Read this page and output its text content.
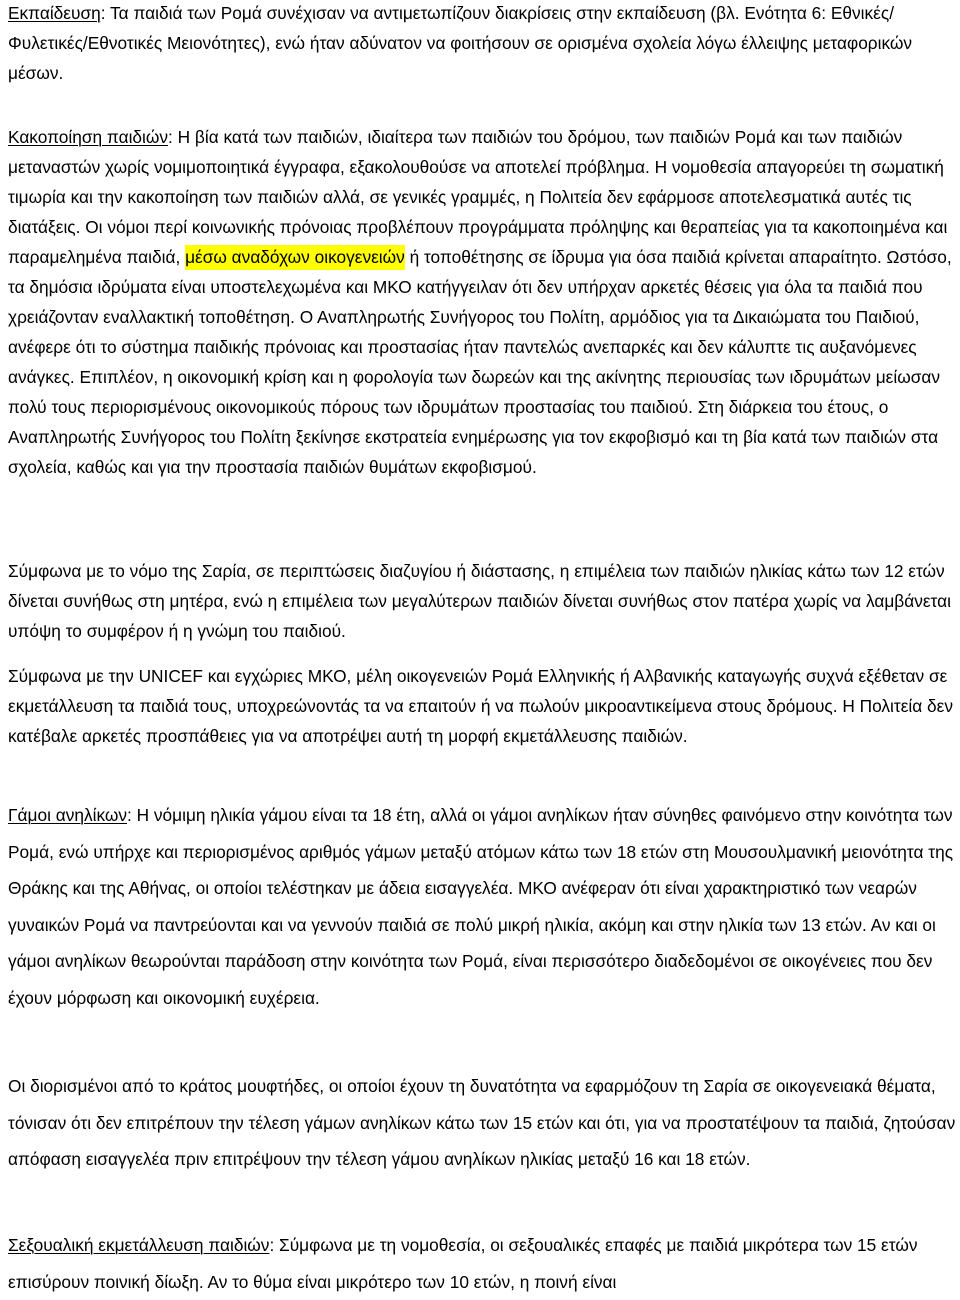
Εκπαίδευση: Τα παιδιά των Ρομά συνέχισαν να αντιμετωπίζουν διακρίσεις στην εκπαίδευση (βλ. Ενότητα 6: Εθνικές/Φυλετικές/Εθνοτικές Μειονότητες), ενώ ήταν αδύνατον να φοιτήσουν σε ορισμένα σχολεία λόγω έλλειψης μεταφορικών μέσων.

Κακοποίηση παιδιών: Η βία κατά των παιδιών, ιδιαίτερα των παιδιών του δρόμου, των παιδιών Ρομά και των παιδιών μεταναστών χωρίς νομιμοποιητικά έγγραφα, εξακολουθούσε να αποτελεί πρόβλημα. Η νομοθεσία απαγορεύει τη σωματική τιμωρία και την κακοποίηση των παιδιών αλλά, σε γενικές γραμμές, η Πολιτεία δεν εφάρμοσε αποτελεσματικά αυτές τις διατάξεις. Οι νόμοι περί κοινωνικής πρόνοιας προβλέπουν προγράμματα πρόληψης και θεραπείας για τα κακοποιημένα και παραμελημένα παιδιά, μέσω αναδόχων οικογενειών ή τοποθέτησης σε ίδρυμα για όσα παιδιά κρίνεται απαραίτητο. Ωστόσο, τα δημόσια ιδρύματα είναι υποστελεχωμένα και ΜΚΟ κατήγγειλαν ότι δεν υπήρχαν αρκετές θέσεις για όλα τα παιδιά που χρειάζονταν εναλλακτική τοποθέτηση. Ο Αναπληρωτής Συνήγορος του Πολίτη, αρμόδιος για τα Δικαιώματα του Παιδιού, ανέφερε ότι το σύστημα παιδικής πρόνοιας και προστασίας ήταν παντελώς ανεπαρκές και δεν κάλυπτε τις αυξανόμενες ανάγκες. Επιπλέον, η οικονομική κρίση και η φορολογία των δωρεών και της ακίνητης περιουσίας των ιδρυμάτων μείωσαν πολύ τους περιορισμένους οικονομικούς πόρους των ιδρυμάτων προστασίας του παιδιού. Στη διάρκεια του έτους, ο Αναπληρωτής Συνήγορος του Πολίτη ξεκίνησε εκστρατεία ενημέρωσης για τον εκφοβισμό και τη βία κατά των παιδιών στα σχολεία, καθώς και για την προστασία παιδιών θυμάτων εκφοβισμού.

Σύμφωνα με το νόμο της Σαρία, σε περιπτώσεις διαζυγίου ή διάστασης, η επιμέλεια των παιδιών ηλικίας κάτω των 12 ετών δίνεται συνήθως στη μητέρα, ενώ η επιμέλεια των μεγαλύτερων παιδιών δίνεται συνήθως στον πατέρα χωρίς να λαμβάνεται υπόψη το συμφέρον ή η γνώμη του παιδιού.

Σύμφωνα με την UNICEF και εγχώριες ΜΚΟ, μέλη οικογενειών Ρομά Ελληνικής ή Αλβανικής καταγωγής συχνά εξέθεταν σε εκμετάλλευση τα παιδιά τους, υποχρεώνοντάς τα να επαιτούν ή να πωλούν μικροαντικείμενα στους δρόμους. Η Πολιτεία δεν κατέβαλε αρκετές προσπάθειες για να αποτρέψει αυτή τη μορφή εκμετάλλευσης παιδιών.

Γάμοι ανηλίκων: Η νόμιμη ηλικία γάμου είναι τα 18 έτη, αλλά οι γάμοι ανηλίκων ήταν σύνηθες φαινόμενο στην κοινότητα των Ρομά, ενώ υπήρχε και περιορισμένος αριθμός γάμων μεταξύ ατόμων κάτω των 18 ετών στη Μουσουλμανική μειονότητα της Θράκης και της Αθήνας, οι οποίοι τελέστηκαν με άδεια εισαγγελέα. ΜΚΟ ανέφεραν ότι είναι χαρακτηριστικό των νεαρών γυναικών Ρομά να παντρεύονται και να γεννούν παιδιά σε πολύ μικρή ηλικία, ακόμη και στην ηλικία των 13 ετών. Αν και οι γάμοι ανηλίκων θεωρούνται παράδοση στην κοινότητα των Ρομά, είναι περισσότερο διαδεδομένοι σε οικογένειες που δεν έχουν μόρφωση και οικονομική ευχέρεια.

Οι διορισμένοι από το κράτος μουφτήδες, οι οποίοι έχουν τη δυνατότητα να εφαρμόζουν τη Σαρία σε οικογενειακά θέματα, τόνισαν ότι δεν επιτρέπουν την τέλεση γάμων ανηλίκων κάτω των 15 ετών και ότι, για να προστατέψουν τα παιδιά, ζητούσαν απόφαση εισαγγελέα πριν επιτρέψουν την τέλεση γάμου ανηλίκων ηλικίας μεταξύ 16 και 18 ετών.

Σεξουαλική εκμετάλλευση παιδιών: Σύμφωνα με τη νομοθεσία, οι σεξουαλικές επαφές με παιδιά μικρότερα των 15 ετών επισύρουν ποινική δίωξη. Αν το θύμα είναι μικρότερο των 10 ετών, η ποινή είναι
